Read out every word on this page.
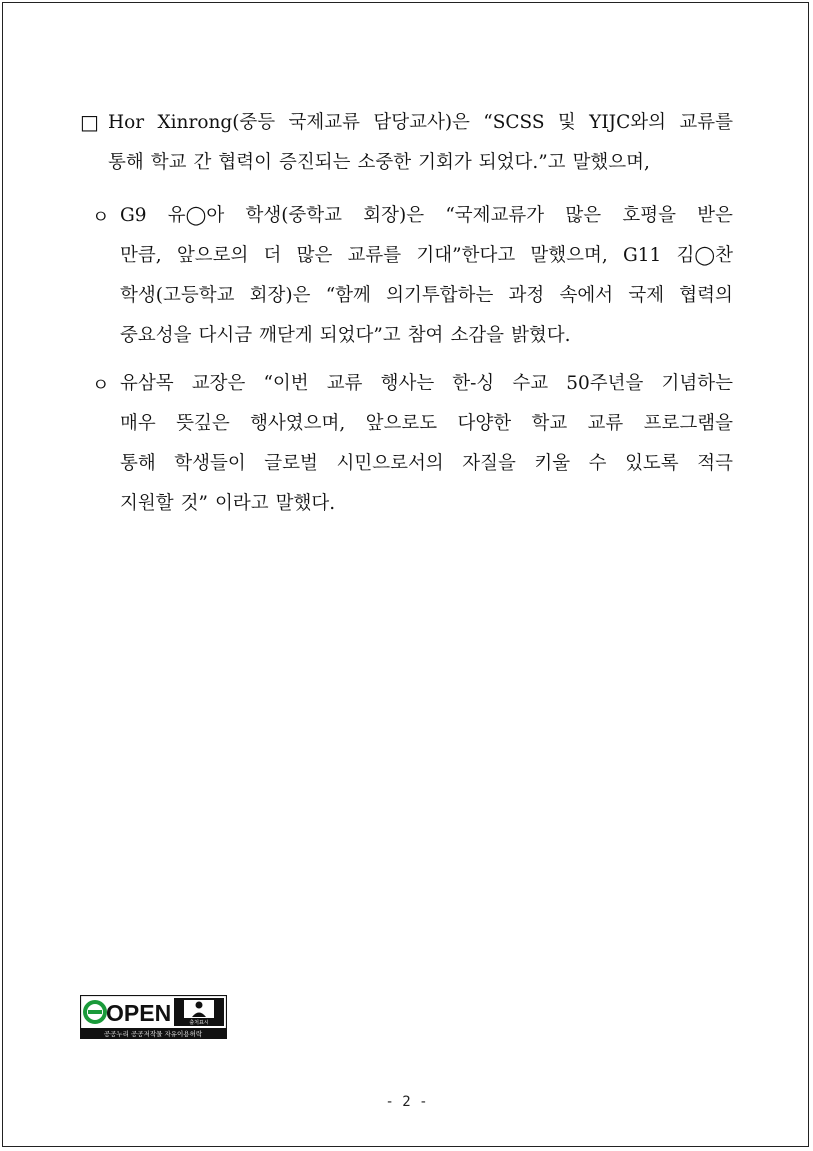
□ Hor Xinrong(중등 국제교류 담당교사)은 “SCSS 및 YIJC와의 교류를
통해 학교 간 협력이 증진되는 소중한 기회가 되었다.”고 말했으며,
ㅇ G9 유◯아 학생(중학교 회장)은 “국제교류가 많은 호평을 받은
만큼, 앞으로의 더 많은 교류를 기대”한다고 말했으며, G11 김◯찬
학생(고등학교 회장)은 “함께 의기투합하는 과정 속에서 국제 협력의
중요성을 다시금 깨닫게 되었다”고 참여 소감을 밝혔다.
ㅇ 유삼목 교장은 “이번 교류 행사는 한-싱 수교 50주년을 기념하는
매우 뜻깊은 행사였으며, 앞으로도 다양한 학교 교류 프로그램을
통해 학생들이 글로벌 시민으로서의 자질을 키울 수 있도록 적극
지원할 것” 이라고 말했다.
OPEN	출처표시
공공누리 공공저작물 자유이용허락
- 2 -
